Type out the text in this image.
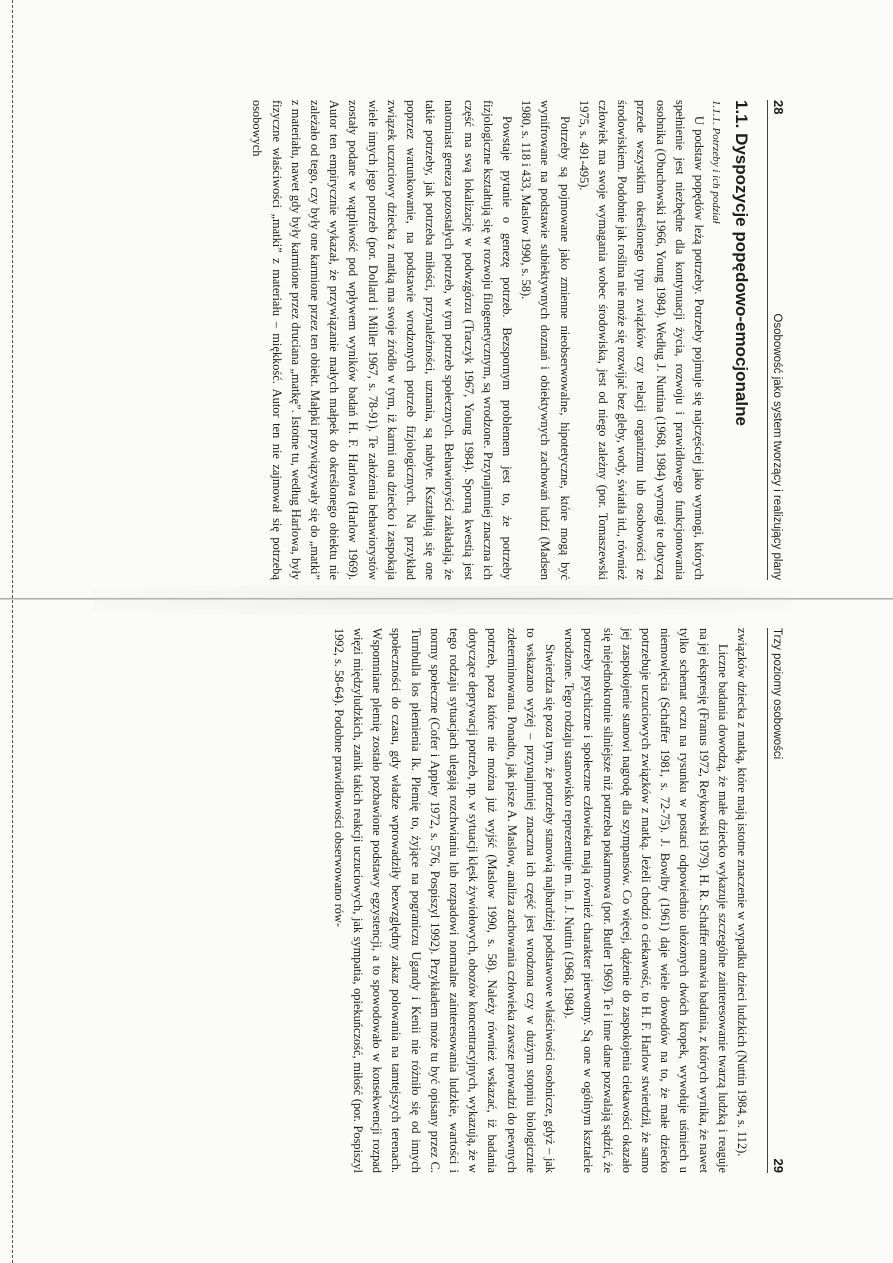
28
Osobowość jako system tworzący i realizujący plany
1.1. Dyspozycje popędowo-emocjonalne
1.1.1. Potrzeby i ich podział

U podstaw popędów leżą potrzeby. Potrzeby pojmuje się najczęściej jako wymogi, których spełnienie jest niezbędne dla kontynuacji życia, rozwoju i prawidłowego funkcjonowania osobnika (Obuchowski 1966, Young 1984). Według J. Nuttina (1968, 1984) wymogi te dotyczą przede wszystkim określonego typu związków czy relacji organizmu lub osobowości ze środowiskiem. Podobnie jak roślina nie może się rozwijać bez gleby, wody, światła itd., również człowiek ma swoje wymagania wobec środowiska, jest od niego zależny (por. Tomaszewski 1975, s. 491-495).

Potrzeby są pojmowane jako zmienne nieobserwowalne, hipotetyczne, które mogą być wynifrowane na podstawie subiektywnych doznań i obiektywnych zachowań ludzi (Madsen 1980, s. 118 i 433, Maslow 1990, s. 58).

Powstaje pytanie o genezę potrzeb. Bezspornym problemem jest to, że potrzeby fizjologiczne kształtują się w rozwoju filogenetycznym, są wrodzone. Przynajmniej znaczna ich część ma swą lokalizację w podwzgórzu (Traczyk 1967, Young 1984). Sporną kwestią jest natomiast geneza pozostałych potrzeb, w tym potrzeb społecznych. Behawioryści zakładają, że takie potrzeby, jak potrzeba miłości, przynależności, uznania, są nabyte. Kształtują się one poprzez warunkowanie, na podstawie wrodzonych potrzeb fizjologicznych. Na przykład związek uczuciowy dziecka z matką ma swoje źródło w tym, iż karmi ona dziecko i zaspokaja wiele innych jego potrzeb (por. Dollard i Miller 1967, s. 78-91). Te założenia behawiorystów zostały podane w wątpliwość pod wpływem wyników badań H. F. Harlowa (Harlow 1969). Autor ten empirycznie wykazał, że przywiązanie małych małpek do określonego obiektu nie zależało od tego, czy były one karmione przez ten obiekt. Małpki przywiązywały się do „matki” z materiału, nawet gdy były karmione przez druciana „matkę”. Istotne tu, według Harlowa, były fizyczne właściwości „matki” z materiału – miękkość. Autor ten nie zajmował się potrzebą osobowych

Trzy poziomy osobowości
29

związków dziecka z matką, które mają istotne znaczenie w wypadku dzieci ludzkich (Nuttin 1984, s. 112).

Liczne badania dowodzą, że małe dziecko wykazuje szczególne zainteresowanie twarzą ludzką i reaguje na jej ekspresję (Franus 1972, Reykowski 1979). H. R. Schaffer omawia badania, z których wynika, że nawet tylko schemat oczu na rysunku w postaci odpowiednio ułożonych dwóch kropek, wywołuje uśmiech u niemowlęcia (Schaffer 1981, s. 72-75). J. Bowlby (1961) daje wiele dowodów na to, że małe dziecko potrzebuje uczuciowych związków z matką. Jeżeli chodzi o ciekawość, to H. F. Harlow stwierdził, że samo jej zaspokojenie stanowi nagrodę dla szympansów. Co więcej, dążenie do zaspokojenia ciekawości okazało się niejednokrotnie silniejsze niż potrzeba pokarmowa (por. Butler 1969). Te i inne dane pozwalają sądzić, że potrzeby psychiczne i społeczne człowieka mają również charakter pierwotny. Są one w ogólnym kształcie wrodzone. Tego rodzaju stanowisko reprezentuje m. in. J. Nuttin (1968, 1984).

Stwierdza się poza tym, że potrzeby stanowią najbardziej podstawowe właściwości osobnicze, gdyż – jak to wskazano wyżej – przynajmniej znaczna ich część jest wrodzona czy w dużym stopniu biologicznie zdeterminowana. Ponadto, jak pisze A. Maslow, analiza zachowania człowieka zawsze prowadzi do pewnych potrzeb, poza które nie można już wyjść (Maslow 1990, s. 58). Należy również wskazać, iż badania dotyczące deprywacji potrzeb, np. w sytuacji klęsk żywiołowych, obozów koncentracyjnych, wykazują, że w tego rodzaju sytuacjach ulegają rozchwianiu lub rozpadowi normalne zainteresowania ludzkie, wartości i normy społeczne (Cofer i Appley 1972, s. 576, Pospiszyl 1992). Przykładem może tu być opisany przez C. Turnbulla los plemienia Ik. Plemię to, żyjące na pograniczu Ugandy i Kenii nie różniło się od innych społeczności do czasu, gdy władze wprowadziły bezwzględny zakaz polowania na tamtejszych terenach. Wspomniane plemię zostało pozbawione podstawy egzystencji, a to spowodowało w konsekwencji rozpad więzi międzyludzkich, zanik takich reakcji uczuciowych, jak sympatia, opiekuńczość, miłość (por. Pospiszyl 1992, s. 58-64). Podobne prawidłowości obserwowano rów-
